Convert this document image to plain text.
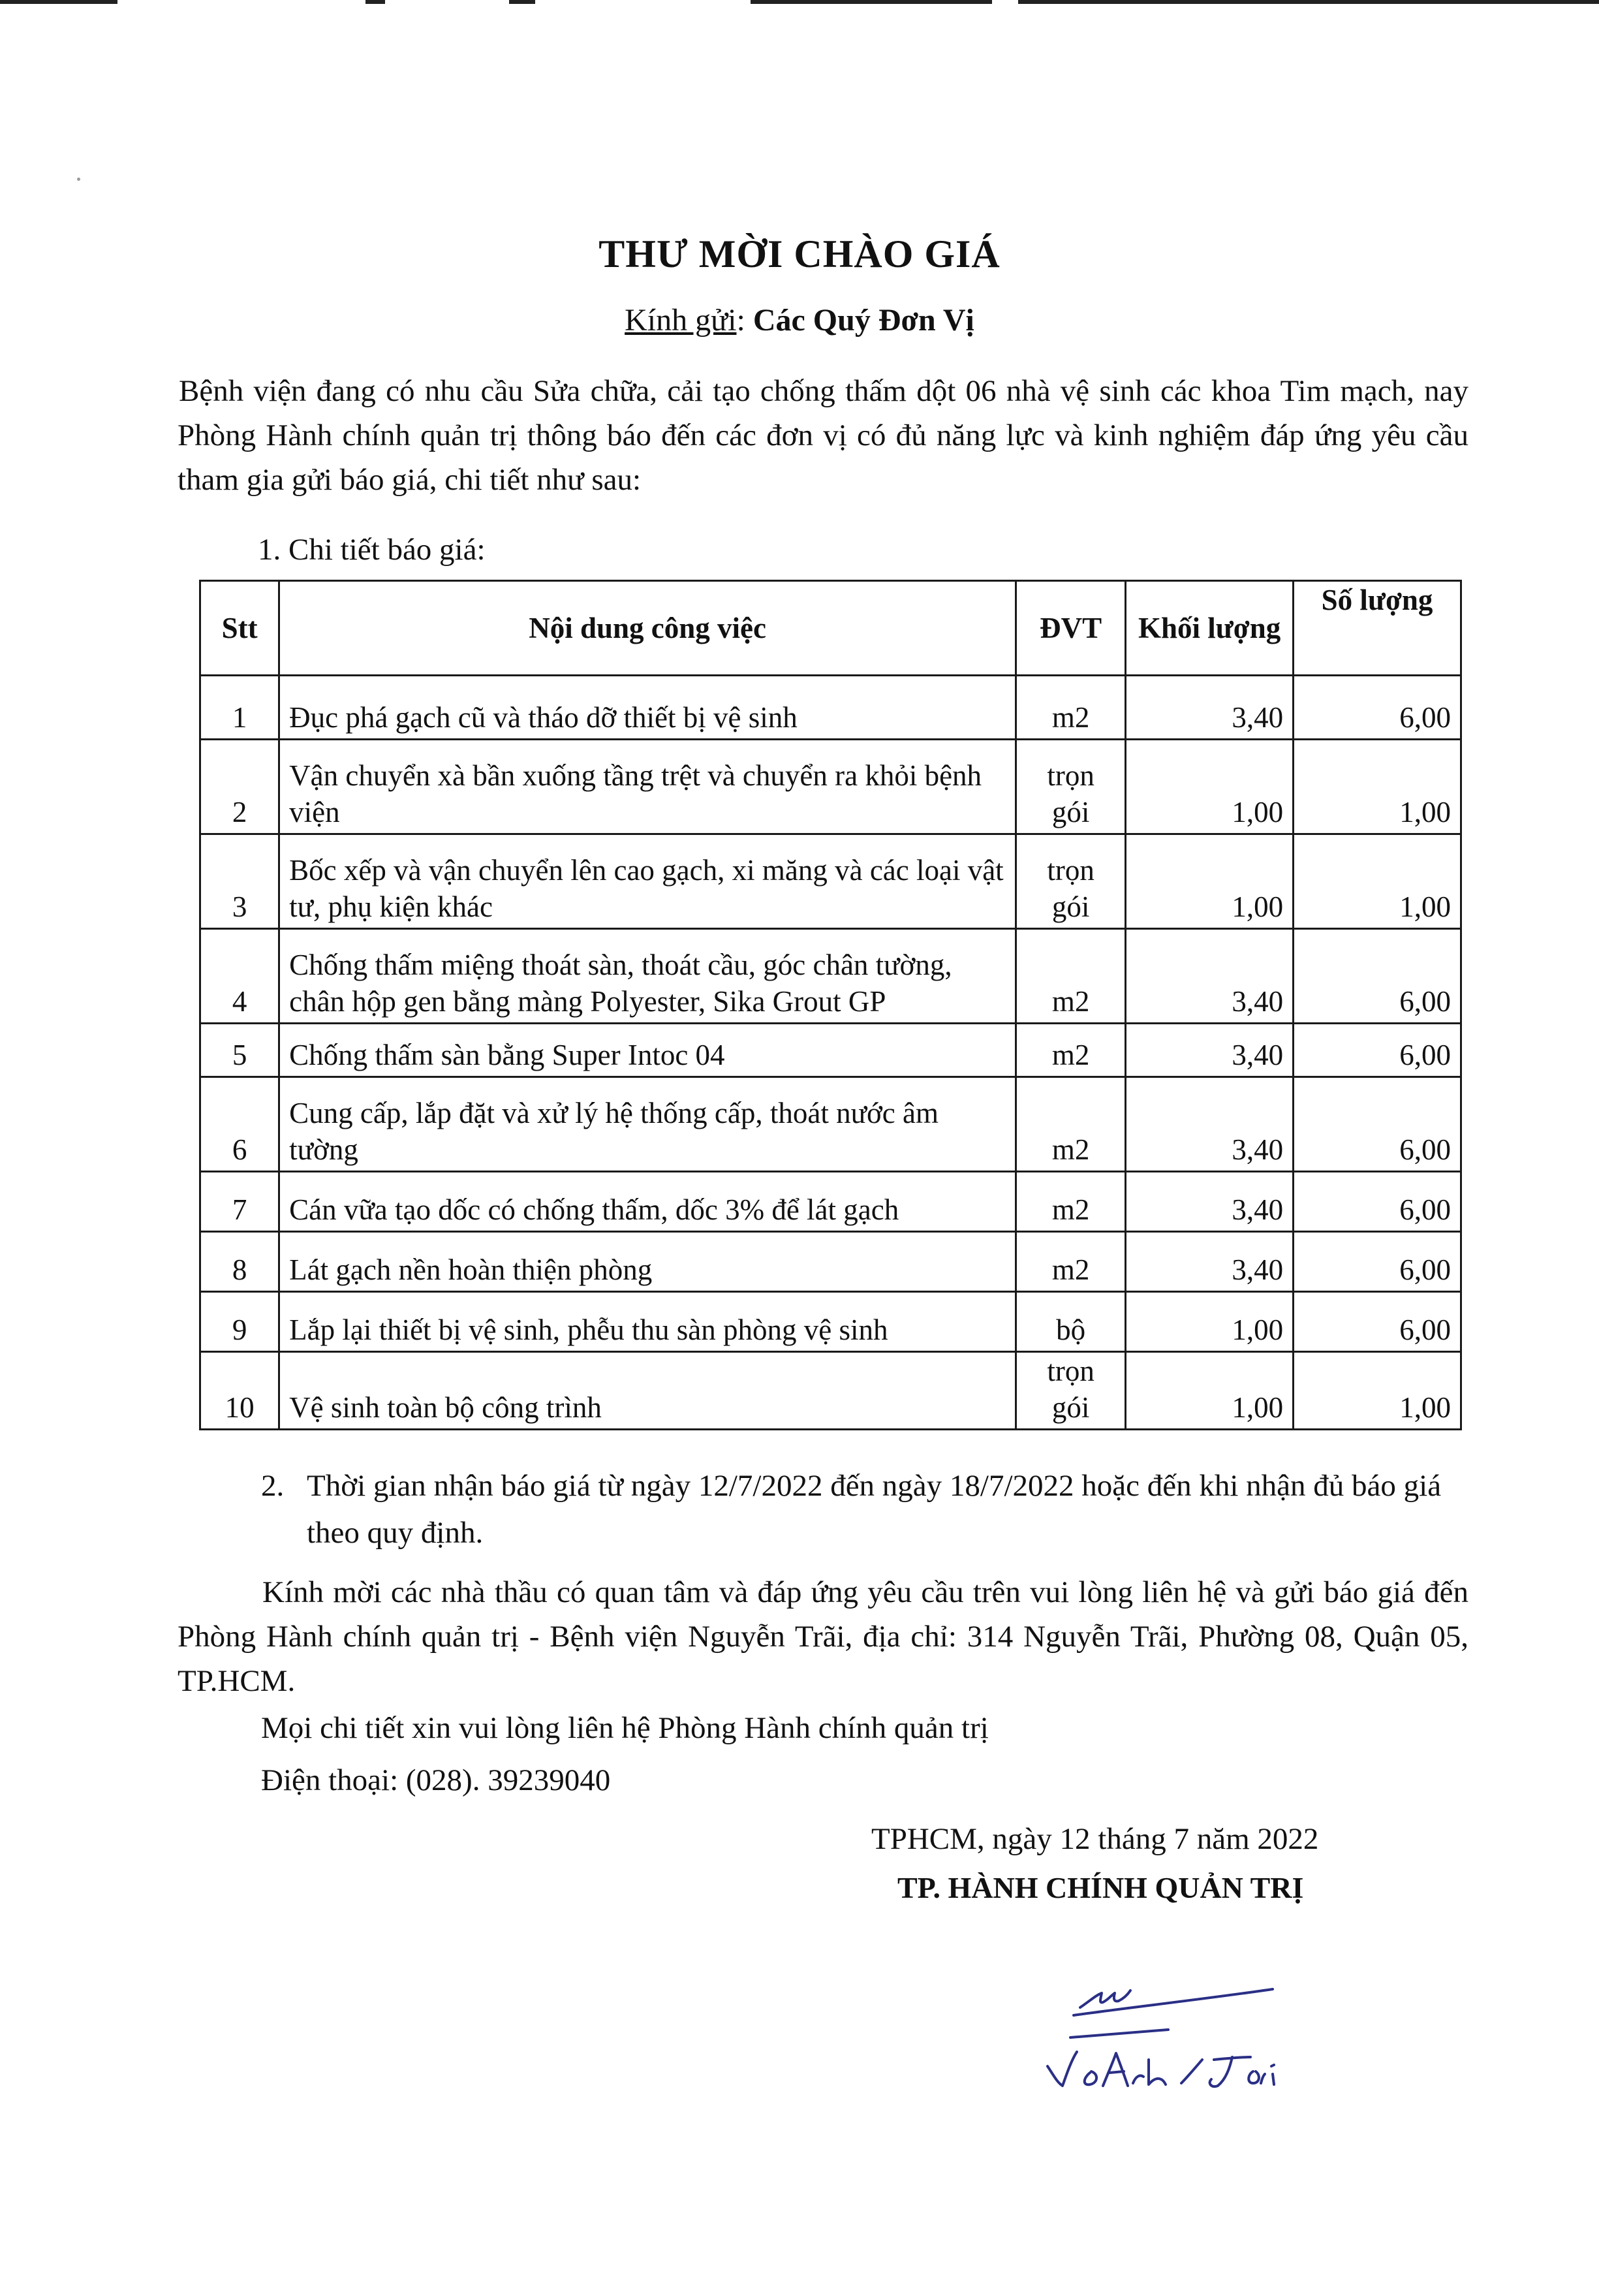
THƯ MỜI CHÀO GIÁ
Kính gửi: Các Quý Đơn Vị
Bệnh viện đang có nhu cầu Sửa chữa, cải tạo chống thấm dột 06 nhà vệ sinh các khoa Tim mạch, nay Phòng Hành chính quản trị thông báo đến các đơn vị có đủ năng lực và kinh nghiệm đáp ứng yêu cầu tham gia gửi báo giá, chi tiết như sau:
1. Chi tiết báo giá:
Stt	Nội dung công việc	ĐVT	Khối lượng	Số lượng
1	Đục phá gạch cũ và tháo dỡ thiết bị vệ sinh	m2	3,40	6,00
2	Vận chuyển xà bần xuống tầng trệt và chuyển ra khỏi bệnh viện	trọn gói	1,00	1,00
3	Bốc xếp và vận chuyển lên cao gạch, xi măng và các loại vật tư, phụ kiện khác	trọn gói	1,00	1,00
4	Chống thấm miệng thoát sàn, thoát cầu, góc chân tường, chân hộp gen bằng màng Polyester, Sika Grout GP	m2	3,40	6,00
5	Chống thấm sàn bằng Super Intoc 04	m2	3,40	6,00
6	Cung cấp, lắp đặt và xử lý hệ thống cấp, thoát nước âm tường	m2	3,40	6,00
7	Cán vữa tạo dốc có chống thấm, dốc 3% để lát gạch	m2	3,40	6,00
8	Lát gạch nền hoàn thiện phòng	m2	3,40	6,00
9	Lắp lại thiết bị vệ sinh, phễu thu sàn phòng vệ sinh	bộ	1,00	6,00
10	Vệ sinh toàn bộ công trình	trọn gói	1,00	1,00
2. Thời gian nhận báo giá từ ngày 12/7/2022 đến ngày 18/7/2022 hoặc đến khi nhận đủ báo giá theo quy định.
Kính mời các nhà thầu có quan tâm và đáp ứng yêu cầu trên vui lòng liên hệ và gửi báo giá đến Phòng Hành chính quản trị - Bệnh viện Nguyễn Trãi, địa chỉ: 314 Nguyễn Trãi, Phường 08, Quận 05, TP.HCM.
Mọi chi tiết xin vui lòng liên hệ Phòng Hành chính quản trị
Điện thoại: (028). 39239040
TPHCM, ngày 12 tháng 7 năm 2022
TP. HÀNH CHÍNH QUẢN TRỊ
